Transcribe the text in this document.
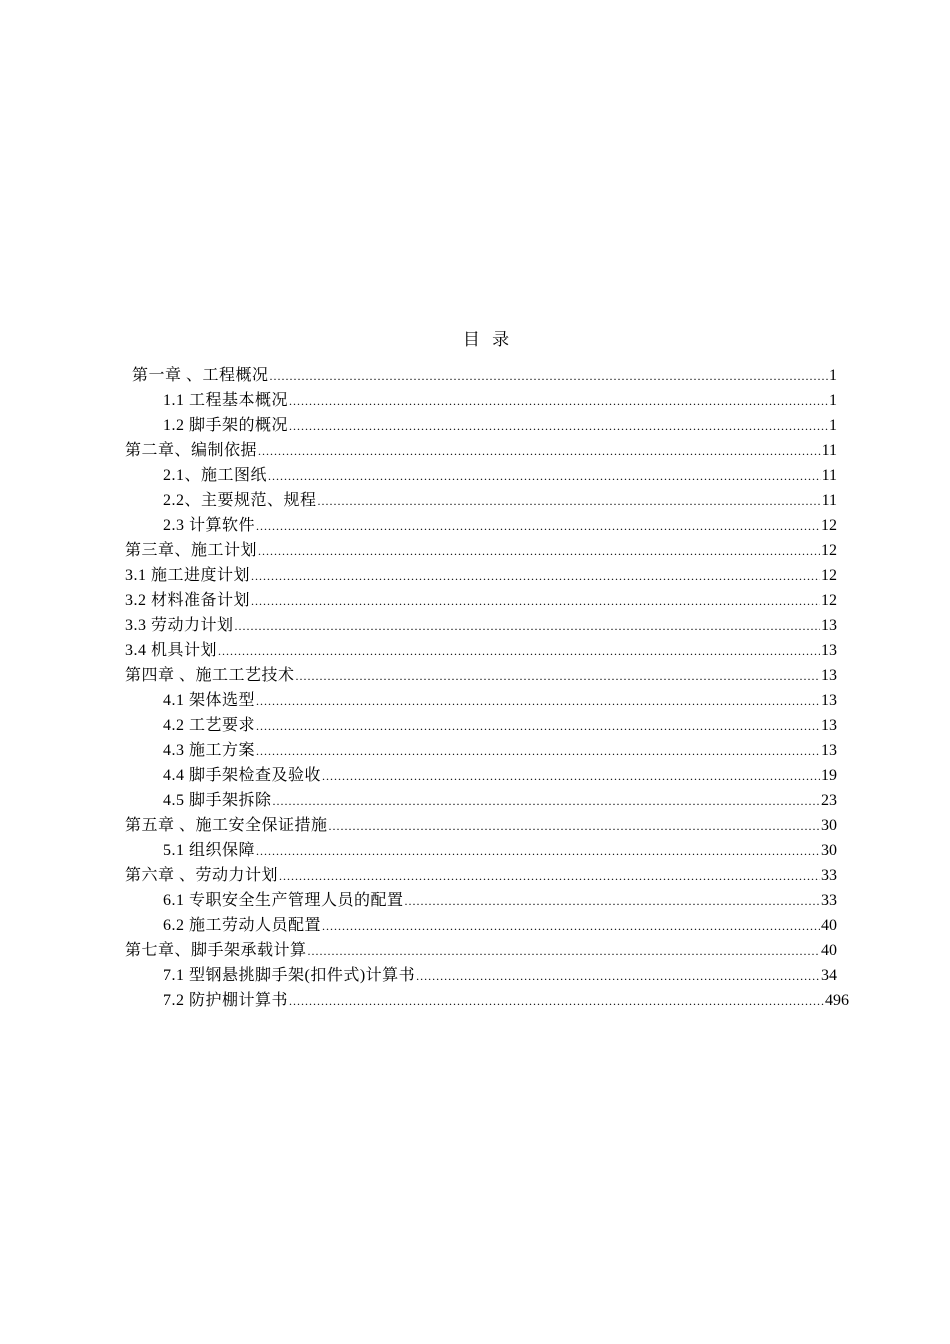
目 录
第一章 、工程概况 .....	1
1.1 工程基本概况 .....	1
1.2 脚手架的概况 .....	1
第二章、编制依据 .....	11
2.1、施工图纸 .....	11
2.2、主要规范、规程 .....	11
2.3 计算软件 .....	12
第三章、施工计划 .....	12
3.1 施工进度计划 .....	12
3.2 材料准备计划 .....	12
3.3 劳动力计划 .....	13
3.4 机具计划 .....	13
第四章 、施工工艺技术 .....	13
4.1 架体选型 .....	13
4.2 工艺要求 .....	13
4.3 施工方案 .....	13
4.4 脚手架检查及验收 .....	19
4.5 脚手架拆除 .....	23
第五章 、施工安全保证措施 .....	30
5.1 组织保障 .....	30
第六章 、劳动力计划 .....	33
6.1 专职安全生产管理人员的配置 .....	33
6.2 施工劳动人员配置 .....	40
第七章、脚手架承载计算 .....	40
7.1 型钢悬挑脚手架(扣件式)计算书 .....	34
7.2 防护棚计算书 .....	496
